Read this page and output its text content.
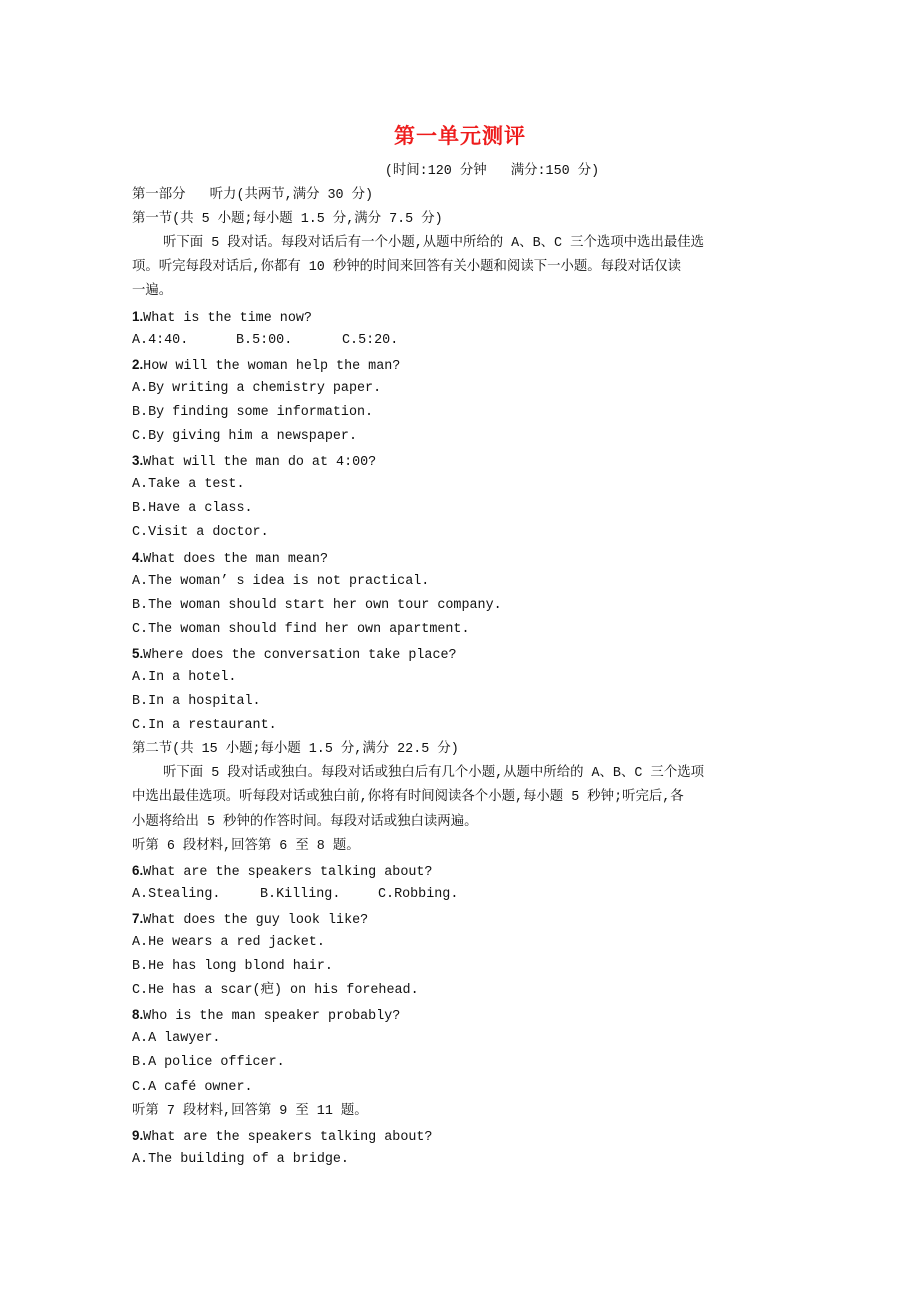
第一单元测评
(时间:120 分钟   满分:150 分)
第一部分   听力(共两节,满分 30 分)
第一节(共 5 小题;每小题 1.5 分,满分 7.5 分)
听下面 5 段对话。每段对话后有一个小题,从题中所给的 A、B、C 三个选项中选出最佳选
项。听完每段对话后,你都有 10 秒钟的时间来回答有关小题和阅读下一小题。每段对话仅读
一遍。
1.What is the time now?
A.4:40.	B.5:00.	C.5:20.
2.How will the woman help the man?
A.By writing a chemistry paper.
B.By finding some information.
C.By giving him a newspaper.
3.What will the man do at 4:00?
A.Take a test.
B.Have a class.
C.Visit a doctor.
4.What does the man mean?
A.The woman’ s idea is not practical.
B.The woman should start her own tour company.
C.The woman should find her own apartment.
5.Where does the conversation take place?
A.In a hotel.
B.In a hospital.
C.In a restaurant.
第二节(共 15 小题;每小题 1.5 分,满分 22.5 分)
听下面 5 段对话或独白。每段对话或独白后有几个小题,从题中所给的 A、B、C 三个选项
中选出最佳选项。听每段对话或独白前,你将有时间阅读各个小题,每小题 5 秒钟;听完后,各
小题将给出 5 秒钟的作答时间。每段对话或独白读两遍。
听第 6 段材料,回答第 6 至 8 题。
6.What are the speakers talking about?
A.Stealing.	B.Killing.	C.Robbing.
7.What does the guy look like?
A.He wears a red jacket.
B.He has long blond hair.
C.He has a scar(疤) on his forehead.
8.Who is the man speaker probably?
A.A lawyer.
B.A police officer.
C.A café owner.
听第 7 段材料,回答第 9 至 11 题。
9.What are the speakers talking about?
A.The building of a bridge.
